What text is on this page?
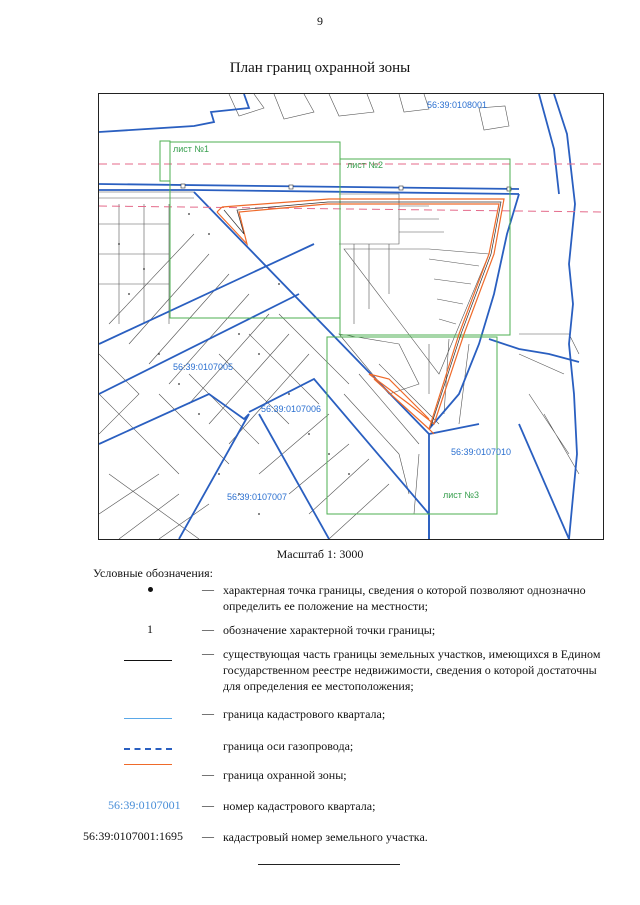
9
План границ охранной зоны
56:39:0108001
лист №1
лист №2
56:39:0107005
56:39:0107006
56:39:0107010
56:39:0107007	лист №3
Масштаб 1: 3000
Условные обозначения:
— характерная точка границы, сведения о которой позволяют однозначно определить ее положение на местности;
1	— обозначение характерной точки границы;
— существующая часть границы земельных участков, имеющихся в Едином государственном реестре недвижимости, сведения о которой достаточны для определения ее местоположения;
— граница кадастрового квартала;
граница оси газопровода;
— граница охранной зоны;
56:39:0107001 — номер кадастрового квартала;
56:39:0107001:1695 — кадастровый номер земельного участка.
